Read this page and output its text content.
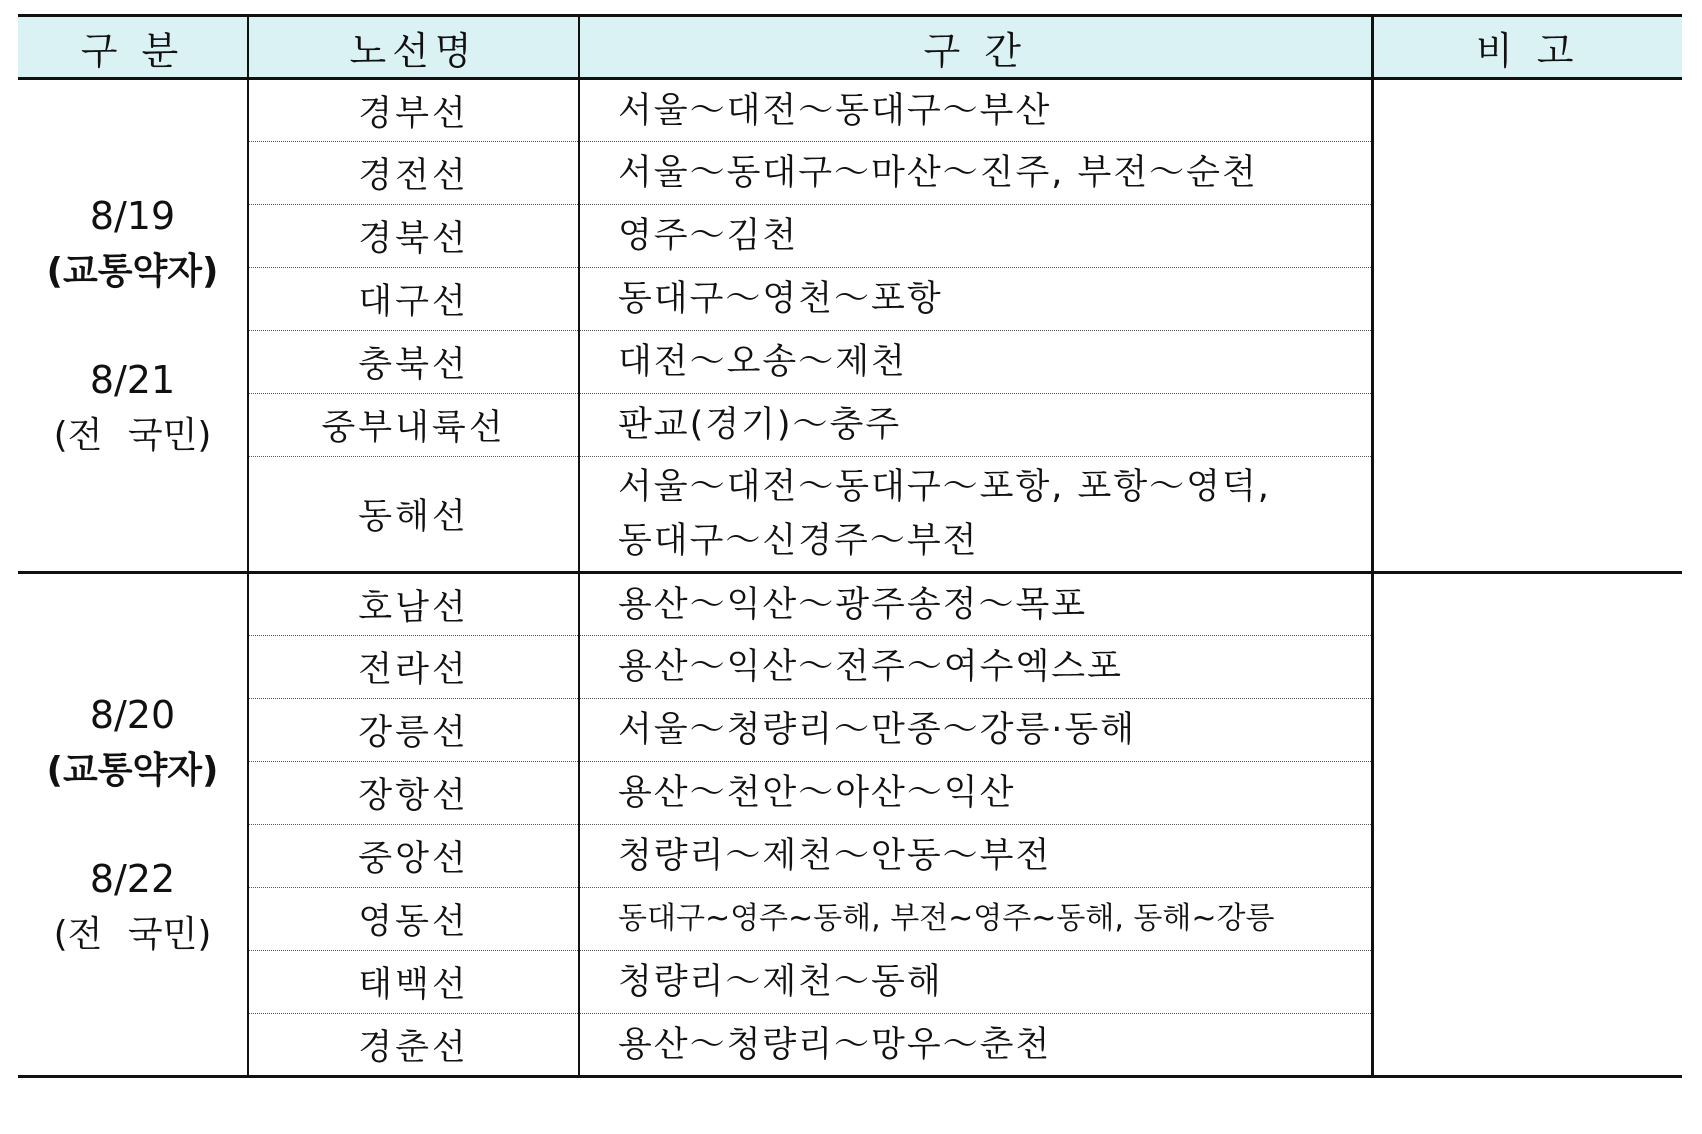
구 분	노선명	구 간	비 고

8/19
(교통약자)
8/21
(전 국민)	경부선	서울～대전～동대구～부산	
	경전선	서울～동대구～마산～진주, 부전～순천	
	경북선	영주～김천	
	대구선	동대구～영천～포항	
	충북선	대전～오송～제천	
	중부내륙선	판교(경기)～충주	
	동해선	서울～대전～동대구～포항, 포항～영덕,
동대구～신경주～부전	

8/20
(교통약자)
8/22
(전 국민)	호남선	용산～익산～광주송정～목포	
	전라선	용산～익산～전주～여수엑스포	
	강릉선	서울～청량리～만종～강릉·동해	
	장항선	용산～천안～아산～익산	
	중앙선	청량리～제천～안동～부전	
	영동선	동대구~영주~동해, 부전~영주~동해, 동해~강릉	
	태백선	청량리～제천～동해	
	경춘선	용산～청량리～망우～춘천	
